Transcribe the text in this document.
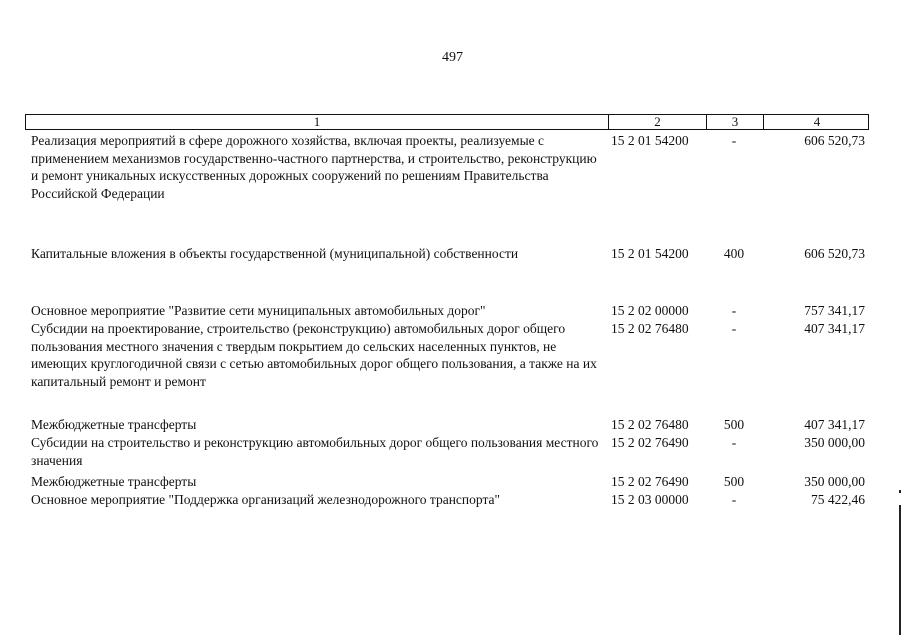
497
1	2	3	4
Реализация мероприятий в сфере дорожного хозяйства, включая проекты, реализуемые с применением механизмов государственно-частного партнерства, и строительство, реконструкцию и ремонт уникальных искусственных дорожных сооружений по решениям Правительства Российской Федерации
15 2 01 54200	-	606 520,73
Капитальные вложения в объекты государственной (муниципальной) собственности	15 2 01 54200	400	606 520,73
Основное мероприятие "Развитие сети муниципальных автомобильных дорог"	15 2 02 00000	-	757 341,17
Субсидии на проектирование, строительство (реконструкцию) автомобильных дорог общего пользования местного значения с твердым покрытием до сельских населенных пунктов, не имеющих круглогодичной связи с сетью автомобильных дорог общего пользования, а также на их капитальный ремонт и ремонт
15 2 02 76480	-	407 341,17
Межбюджетные трансферты	15 2 02 76480	500	407 341,17
Субсидии на строительство и реконструкцию автомобильных дорог общего пользования местного значения
15 2 02 76490	-	350 000,00
Межбюджетные трансферты	15 2 02 76490	500	350 000,00
Основное мероприятие "Поддержка организаций железнодорожного транспорта"	15 2 03 00000	-	75 422,46
